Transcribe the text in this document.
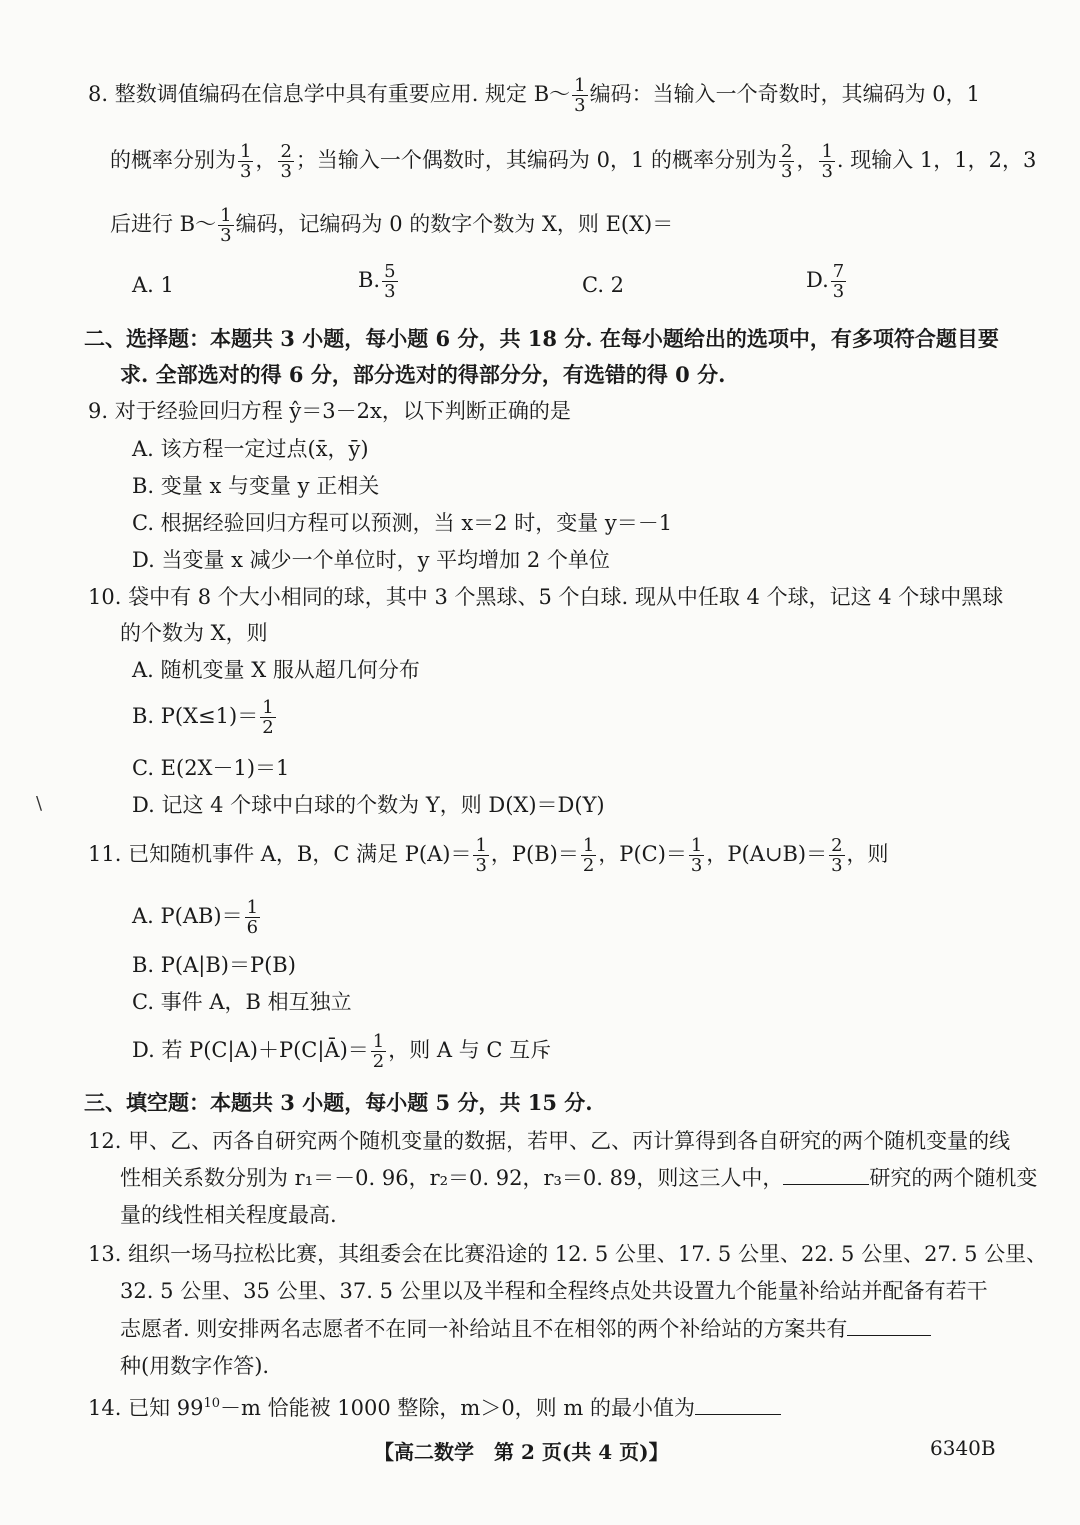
8. 整数调值编码在信息学中具有重要应用. 规定 B～ $\frac{1}{3}$ 编码：当输入一个奇数时，其编码为 0，1
的概率分别为 $\frac{1}{3}$ ， $\frac{2}{3}$ ；当输入一个偶数时，其编码为 0，1 的概率分别为 $\frac{2}{3}$ ， $\frac{1}{3}$ . 现输入 1，1，2，3
后进行 B～ $\frac{1}{3}$ 编码，记编码为 0 的数字个数为 X，则 E(X)＝
A. 1	B. $\frac{5}{3}$	C. 2	D. $\frac{7}{3}$
二、选择题：本题共 3 小题，每小题 6 分，共 18 分. 在每小题给出的选项中，有多项符合题目要
求. 全部选对的得 6 分，部分选对的得部分分，有选错的得 0 分.
9. 对于经验回归方程 ŷ＝3－2x，以下判断正确的是
A. 该方程一定过点(x̄，ȳ)
B. 变量 x 与变量 y 正相关
C. 根据经验回归方程可以预测，当 x＝2 时，变量 y＝－1
D. 当变量 x 减少一个单位时，y 平均增加 2 个单位
10. 袋中有 8 个大小相同的球，其中 3 个黑球、5 个白球. 现从中任取 4 个球，记这 4 个球中黑球
的个数为 X，则
A. 随机变量 X 服从超几何分布
B. $P(X\le 1)= \frac{1}{2}$
C. E(2X－1)＝1
D. 记这 4 个球中白球的个数为 Y，则 D(X)＝D(Y)
\
11. 已知随机事件 A，B，C 满足 $P(A)= \frac{1}{3}$ ，$P(B)= \frac{1}{2}$ ，$P(C)= \frac{1}{3}$ ，P(A∪B)＝ $\frac{2}{3}$ ，则
A. $P(AB)= \frac{1}{6}$
B. P(A|B)＝P(B)
C. 事件 A，B 相互独立
D. 若 P(C|A)＋P(C|Ā)＝ $\frac{1}{2}$ ，则 A 与 C 互斥
三、填空题：本题共 3 小题，每小题 5 分，共 15 分.
12. 甲、乙、丙各自研究两个随机变量的数据，若甲、乙、丙计算得到各自研究的两个随机变量的线
性相关系数分别为 r₁＝－0. 96，r₂＝0. 92，r₃＝0. 89，则这三人中，	研究的两个随机变
量的线性相关程度最高.
13. 组织一场马拉松比赛，其组委会在比赛沿途的 12. 5 公里、17. 5 公里、22. 5 公里、27. 5 公里、
32. 5 公里、35 公里、37. 5 公里以及半程和全程终点处共设置九个能量补给站并配备有若干
志愿者. 则安排两名志愿者不在同一补给站且不在相邻的两个补给站的方案共有
种(用数字作答).
14. 已知 $99^{10}-m$ 恰能被 1000 整除，m＞0，则 m 的最小值为
【高二数学　第 2 页(共 4 页)】	6340B
